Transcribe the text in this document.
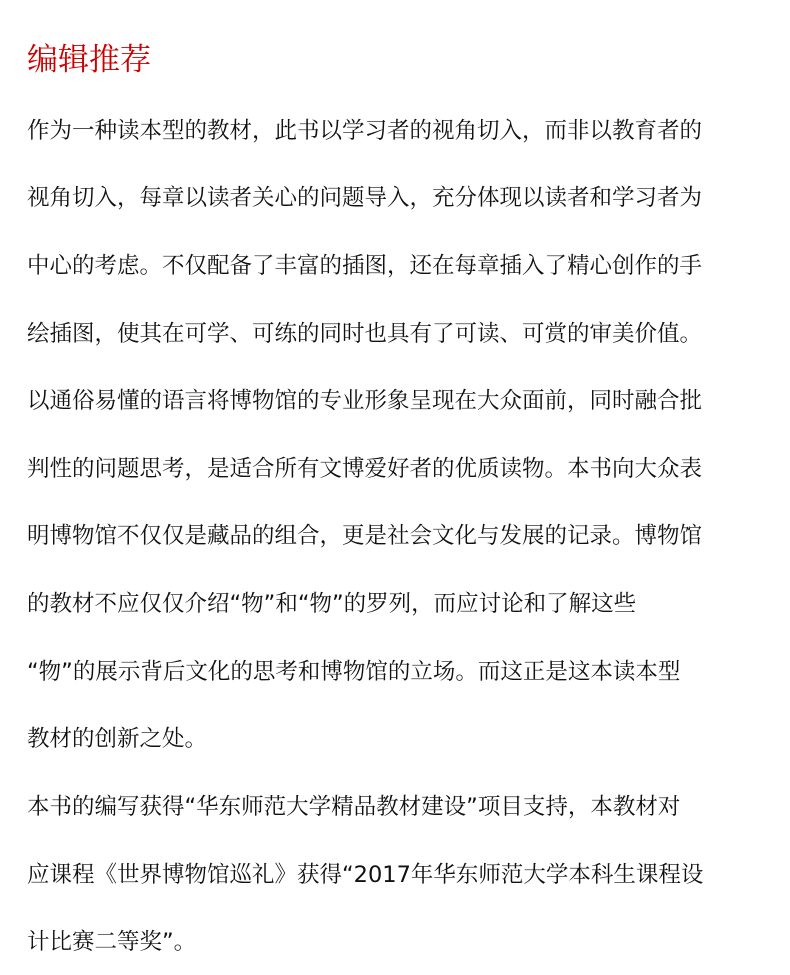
编辑推荐
作为一种读本型的教材，此书以学习者的视角切入，而非以教育者的
视角切入，每章以读者关心的问题导入，充分体现以读者和学习者为
中心的考虑。不仅配备了丰富的插图，还在每章插入了精心创作的手
绘插图，使其在可学、可练的同时也具有了可读、可赏的审美价值。
以通俗易懂的语言将博物馆的专业形象呈现在大众面前，同时融合批
判性的问题思考，是适合所有文博爱好者的优质读物。本书向大众表
明博物馆不仅仅是藏品的组合，更是社会文化与发展的记录。博物馆
的教材不应仅仅介绍“物”和“物”的罗列，而应讨论和了解这些
“物”的展示背后文化的思考和博物馆的立场。而这正是这本读本型
教材的创新之处。
本书的编写获得“华东师范大学精品教材建设”项目支持，本教材对
应课程《世界博物馆巡礼》获得“2017年华东师范大学本科生课程设
计比赛二等奖”。
